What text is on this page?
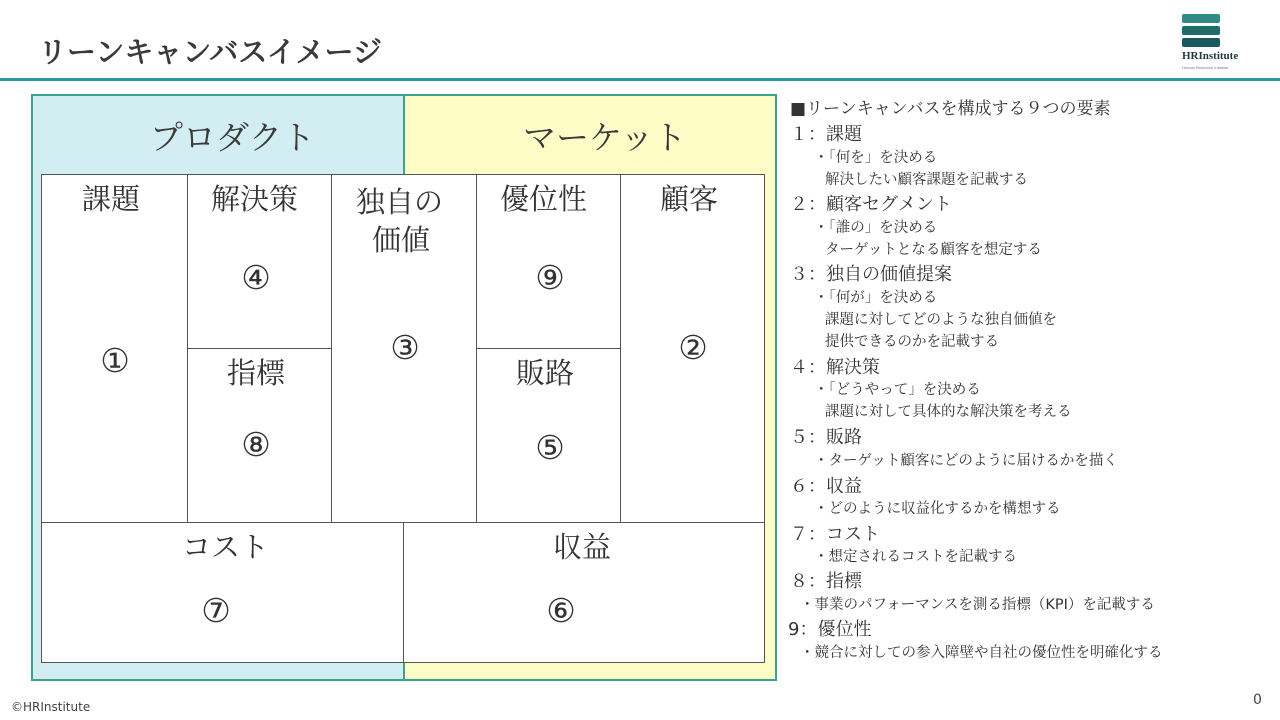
リーンキャンバスイメージ	HRInstitute
Human Resource Institute
プロダクト	マーケット
課題
①
解決策
④
指標
⑧
独自の
価値
③
優位性
⑨
販路
⑤
顧客
②
コスト
⑦
収益
⑥
■リーンキャンバスを構成する９つの要素
１：課題
・「何を」を決める
解決したい顧客課題を記載する
２：顧客セグメント
・「誰の」を決める
ターゲットとなる顧客を想定する
３：独自の価値提案
・「何が」を決める
課題に対してどのような独自価値を
提供できるのかを記載する
４：解決策
・「どうやって」を決める
課題に対して具体的な解決策を考える
５：販路
・ターゲット顧客にどのように届けるかを描く
６：収益
・どのように収益化するかを構想する
７：コスト
・想定されるコストを記載する
８：指標
・事業のパフォーマンスを測る指標（KPI）を記載する
9：優位性
・競合に対しての参入障壁や自社の優位性を明確化する
©HRInstitute	0
